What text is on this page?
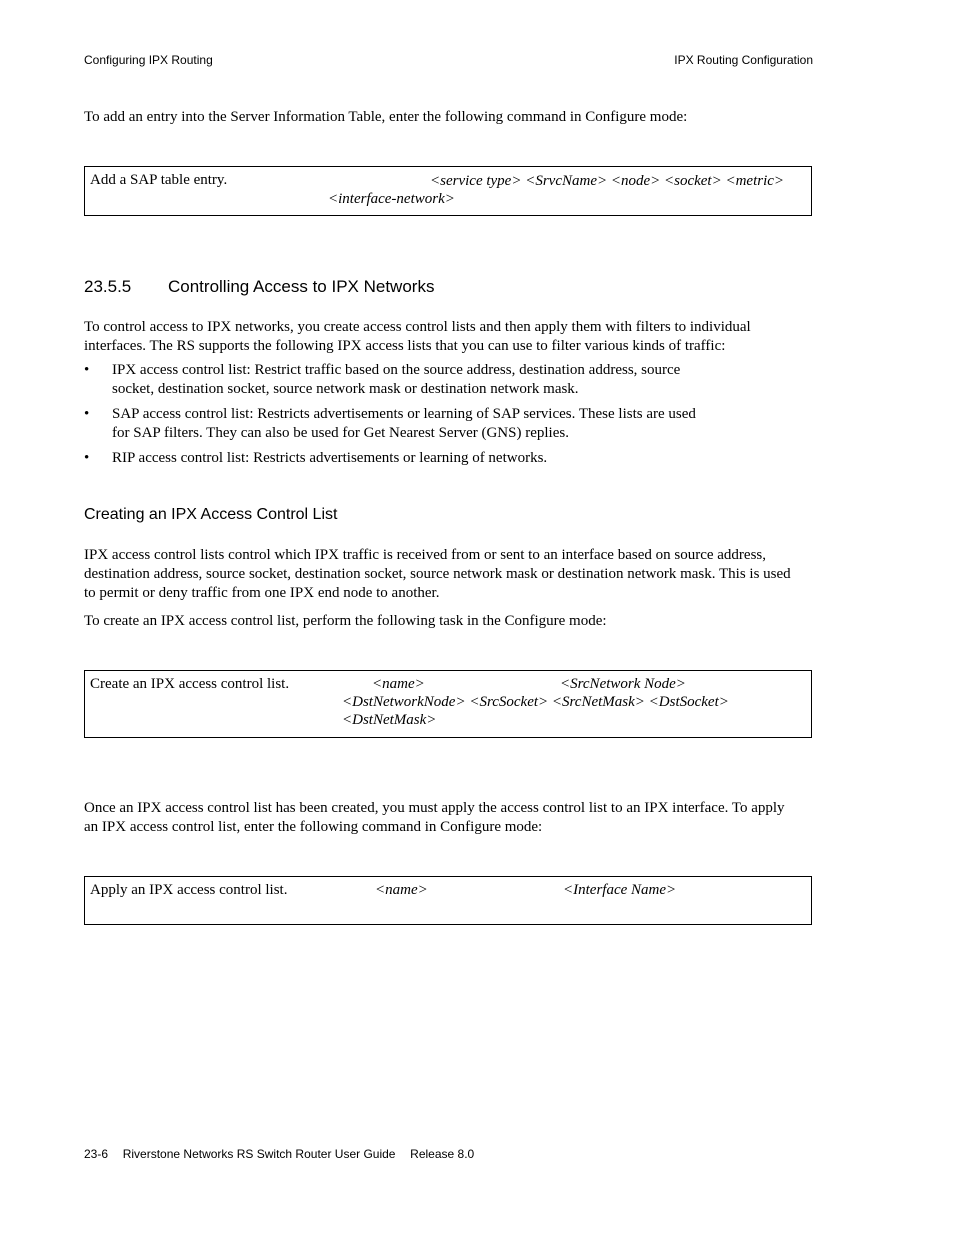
Configuring IPX Routing	IPX Routing Configuration
To add an entry into the Server Information Table, enter the following command in Configure mode:
Add a SAP table entry.	<service type> <SrvcName> <node> <socket> <metric>
<interface-network>
23.5.5 Controlling Access to IPX Networks
To control access to IPX networks, you create access control lists and then apply them with filters to individual
interfaces. The RS supports the following IPX access lists that you can use to filter various kinds of traffic:
• IPX access control list: Restrict traffic based on the source address, destination address, source
socket, destination socket, source network mask or destination network mask.
• SAP access control list: Restricts advertisements or learning of SAP services. These lists are used
for SAP filters. They can also be used for Get Nearest Server (GNS) replies.
• RIP access control list: Restricts advertisements or learning of networks.
Creating an IPX Access Control List
IPX access control lists control which IPX traffic is received from or sent to an interface based on source address,
destination address, source socket, destination socket, source network mask or destination network mask. This is used
to permit or deny traffic from one IPX end node to another.
To create an IPX access control list, perform the following task in the Configure mode:
Create an IPX access control list.	<name>	<SrcNetwork Node>
<DstNetworkNode> <SrcSocket> <SrcNetMask> <DstSocket>
<DstNetMask>
Once an IPX access control list has been created, you must apply the access control list to an IPX interface. To apply
an IPX access control list, enter the following command in Configure mode:
Apply an IPX access control list.	<name>	<Interface Name>
23-6 Riverstone Networks RS Switch Router User Guide Release 8.0
